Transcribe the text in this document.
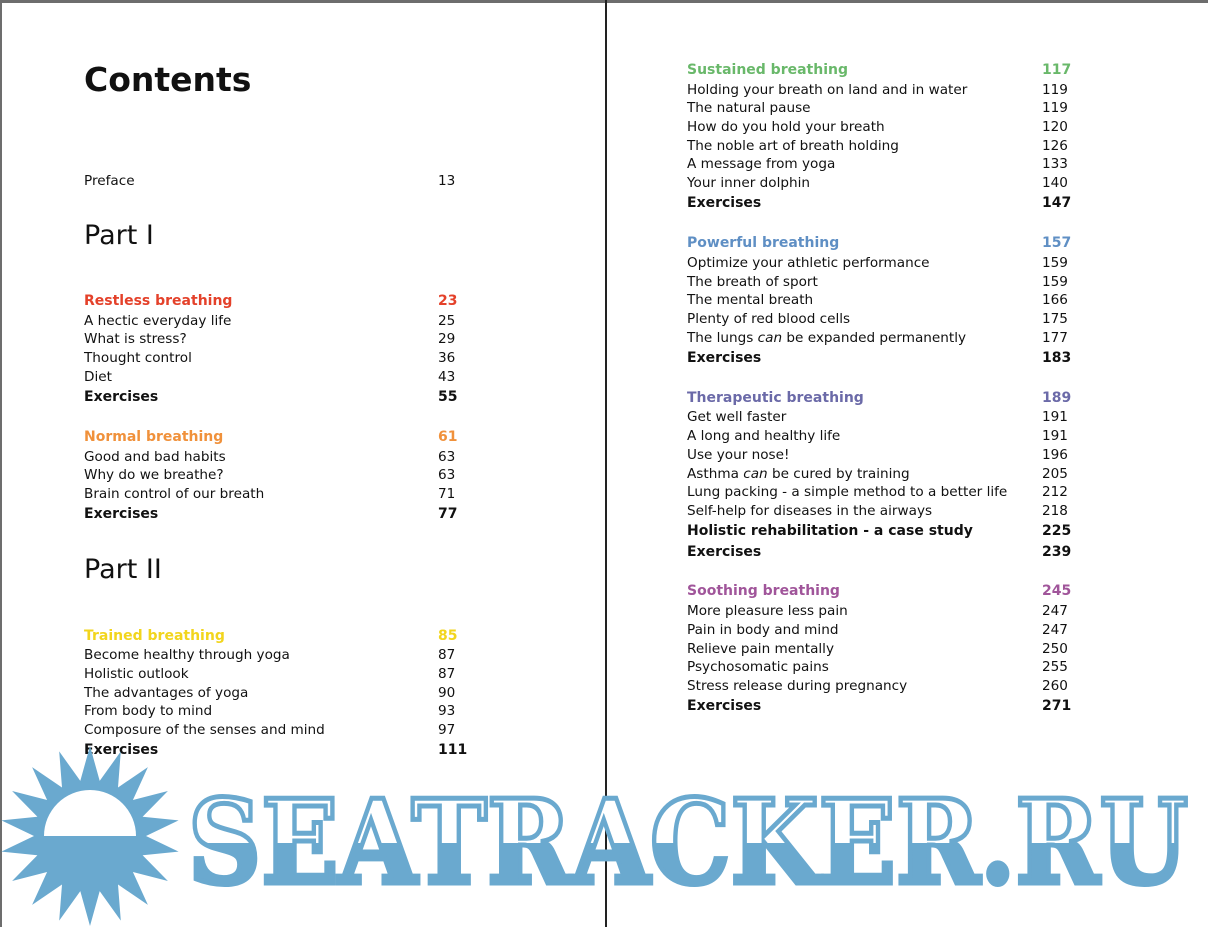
Contents
Preface	13
Part I
Restless breathing	23
A hectic everyday life	25
What is stress?	29
Thought control	36
Diet	43
Exercises	55
Normal breathing	61
Good and bad habits	63
Why do we breathe?	63
Brain control of our breath	71
Exercises	77
Part II
Trained breathing	85
Become healthy through yoga	87
Holistic outlook	87
The advantages of yoga	90
From body to mind	93
Composure of the senses and mind	97
Exercises	111
Sustained breathing	117
Holding your breath on land and in water	119
The natural pause	119
How do you hold your breath	120
The noble art of breath holding	126
A message from yoga	133
Your inner dolphin	140
Exercises	147
Powerful breathing	157
Optimize your athletic performance	159
The breath of sport	159
The mental breath	166
Plenty of red blood cells	175
The lungs can be expanded permanently	177
Exercises	183
Therapeutic breathing	189
Get well faster	191
A long and healthy life	191
Use your nose!	196
Asthma can be cured by training	205
Lung packing - a simple method to a better life	212
Self-help for diseases in the airways	218
Holistic rehabilitation - a case study	225
Exercises	239
Soothing breathing	245
More pleasure less pain	247
Pain in body and mind	247
Relieve pain mentally	250
Psychosomatic pains	255
Stress release during pregnancy	260
Exercises	271
SEATRACKER.RU
